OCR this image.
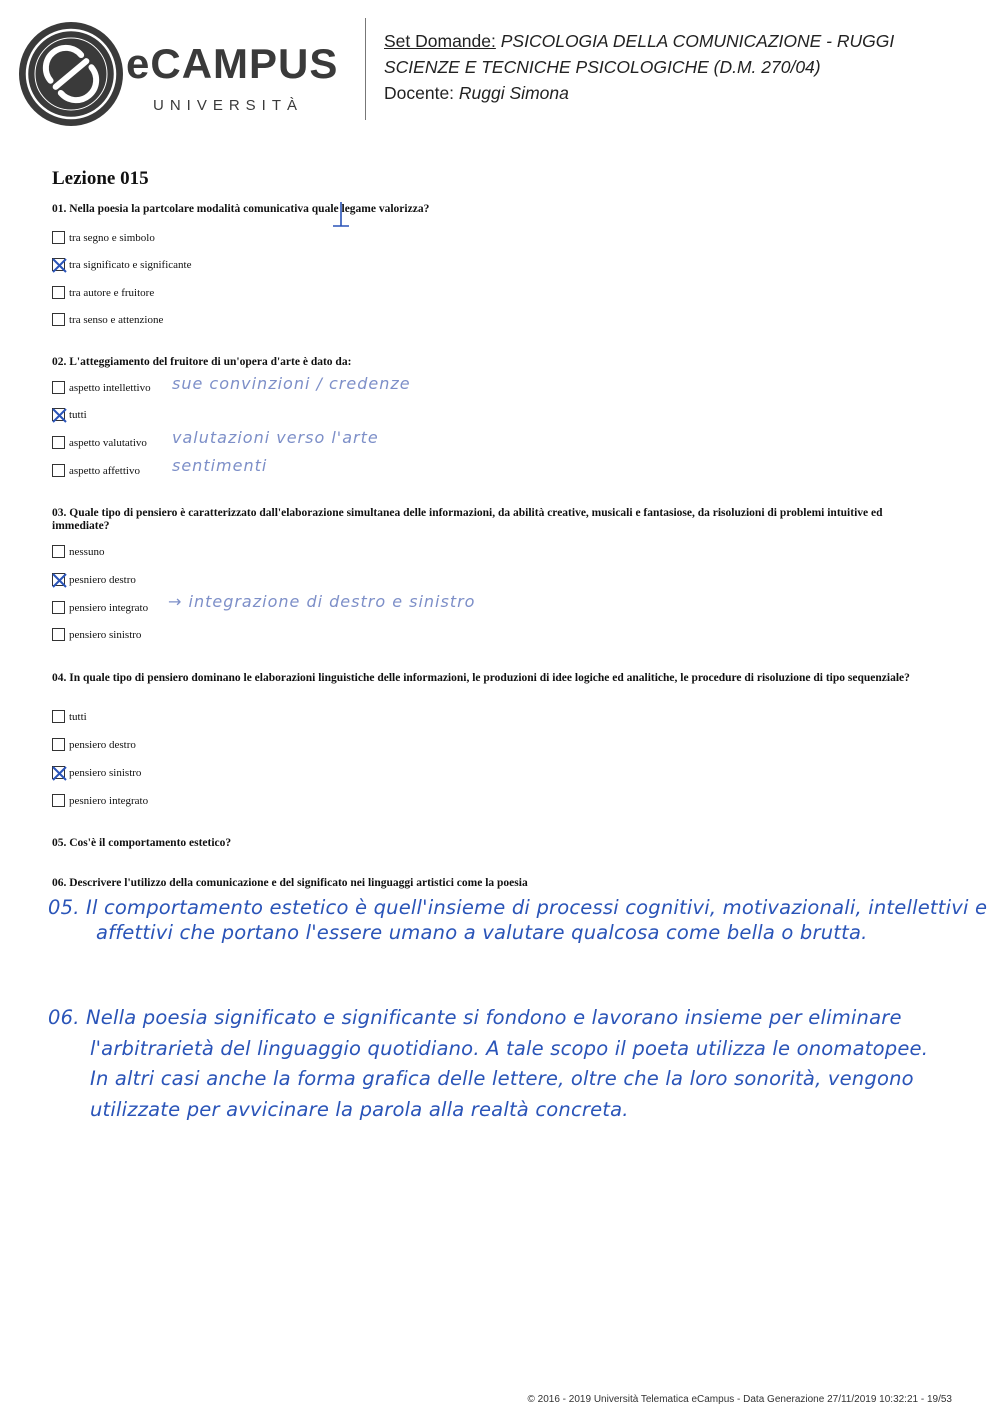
eCAMPUS
UNIVERSITÀ
Set Domande: PSICOLOGIA DELLA COMUNICAZIONE - RUGGI
SCIENZE E TECNICHE PSICOLOGICHE (D.M. 270/04)
Docente: Ruggi Simona
Lezione 015
01. Nella poesia la partcolare modalità comunicativa quale legame valorizza?
tra segno e simbolo
tra significato e significante
tra autore e fruitore
tra senso e attenzione
02. L'atteggiamento del fruitore di un'opera d'arte è dato da:
aspetto intellettivo sue convinzioni / credenze
tutti
aspetto valutativo valutazioni verso l'arte
aspetto affettivo sentimenti
03. Quale tipo di pensiero è caratterizzato dall'elaborazione simultanea delle informazioni, da abilità creative, musicali e fantasiose, da risoluzioni di problemi intuitive ed immediate?
nessuno
pesniero destro
pensiero integrato → integrazione di destro e sinistro
pensiero sinistro
04. In quale tipo di pensiero dominano le elaborazioni linguistiche delle informazioni, le produzioni di idee logiche ed analitiche, le procedure di risoluzione di tipo sequenziale?
tutti
pensiero destro
pensiero sinistro
pesniero integrato
05. Cos'è il comportamento estetico?
06. Descrivere l'utilizzo della comunicazione e del significato nei linguaggi artistici come la poesia
05. Il comportamento estetico è quell'insieme di processi cognitivi, motivazionali, intellettivi e
affettivi che portano l'essere umano a valutare qualcosa come bella o brutta.
06. Nella poesia significato e significante si fondono e lavorano insieme per eliminare
l'arbitrarietà del linguaggio quotidiano. A tale scopo il poeta utilizza le onomatopee.
In altri casi anche la forma grafica delle lettere, oltre che la loro sonorità, vengono
utilizzate per avvicinare la parola alla realtà concreta.
© 2016 - 2019 Università Telematica eCampus - Data Generazione 27/11/2019 10:32:21 - 19/53
